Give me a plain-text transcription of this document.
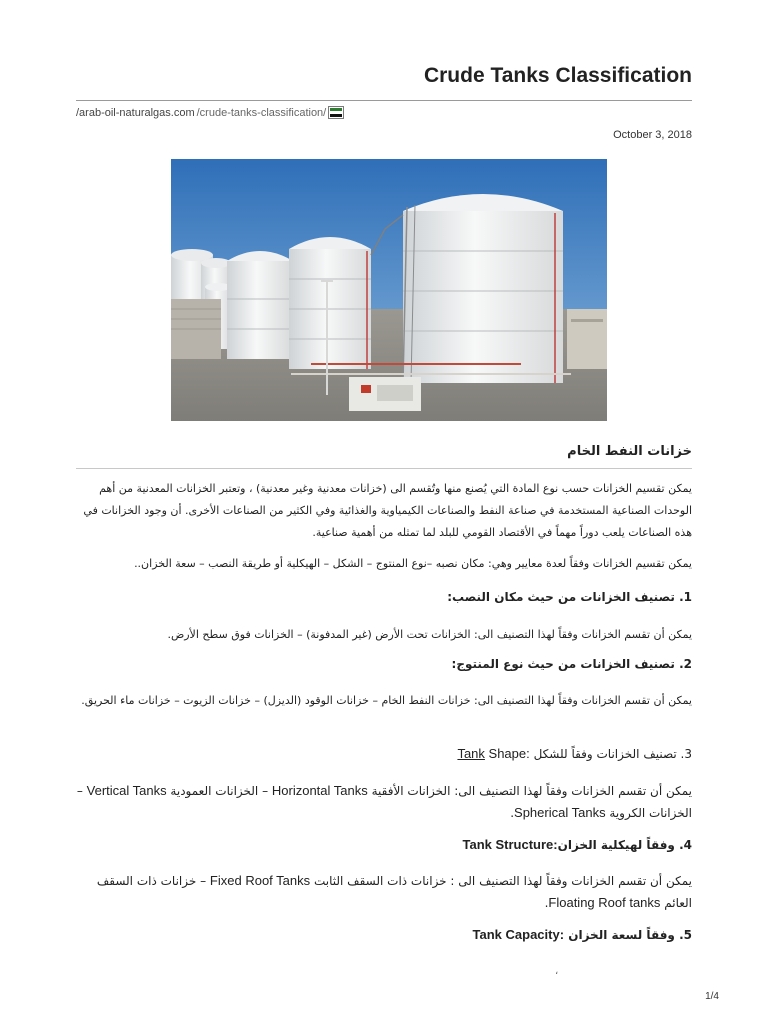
Crude Tanks Classification
/arab-oil-naturalgas.com /crude-tanks-classification/
October 3, 2018
خزانات النفط الخام
يمكن تقسيم الخزانات حسب نوع المادة التي يُصنع منها وتُقسم الى (خزانات معدنية وغير معدنية) ، وتعتبر الخزانات المعدنية من أهم الوحدات الصناعية المستخدمة في صناعة النفط والصناعات الكيمياوية والغذائية وفي الكثير من الصناعات الأخرى. أن وجود الخزانات في هذه الصناعات يلعب دوراً مهماً في الأقتصاد القومي للبلد لما تمثله من أهمية صناعية.
يمكن تقسيم الخزانات وفقاً لعدة معايير وهي: مكان نصبه –نوع المنتوج – الشكل – الهيكلية أو طريقة النصب – سعة الخزان..
1. تصنيف الخزانات من حيث مكان النصب:
يمكن أن تقسم الخزانات وفقاً لهذا التصنيف الى: الخزانات تحت الأرض (غير المدفونة) – الخزانات فوق سطح الأرض.
2. تصنيف الخزانات من حيث نوع المنتوج:
يمكن أن تقسم الخزانات وفقاً لهذا التصنيف الى: خزانات النفط الخام – خزانات الوقود (الديزل) – خزانات الزيوت – خزانات ماء الحريق.
3. تصنيف الخزانات وفقاً للشكل Tank Shape:
يمكن أن تقسم الخزانات وفقاً لهذا التصنيف الى: الخزانات الأفقية Horizontal Tanks – الخزانات العمودية Vertical Tanks – الخزانات الكروية Spherical Tanks.
4. وفقاً لهيكلية الخزانTank Structure:
يمكن أن تقسم الخزانات وفقاً لهذا التصنيف الى : خزانات ذات السقف الثابت Fixed Roof Tanks – خزانات ذات السقف العائم Floating Roof tanks.
5. وفقاً لسعة الخزان Tank Capacity:
،
1/4
